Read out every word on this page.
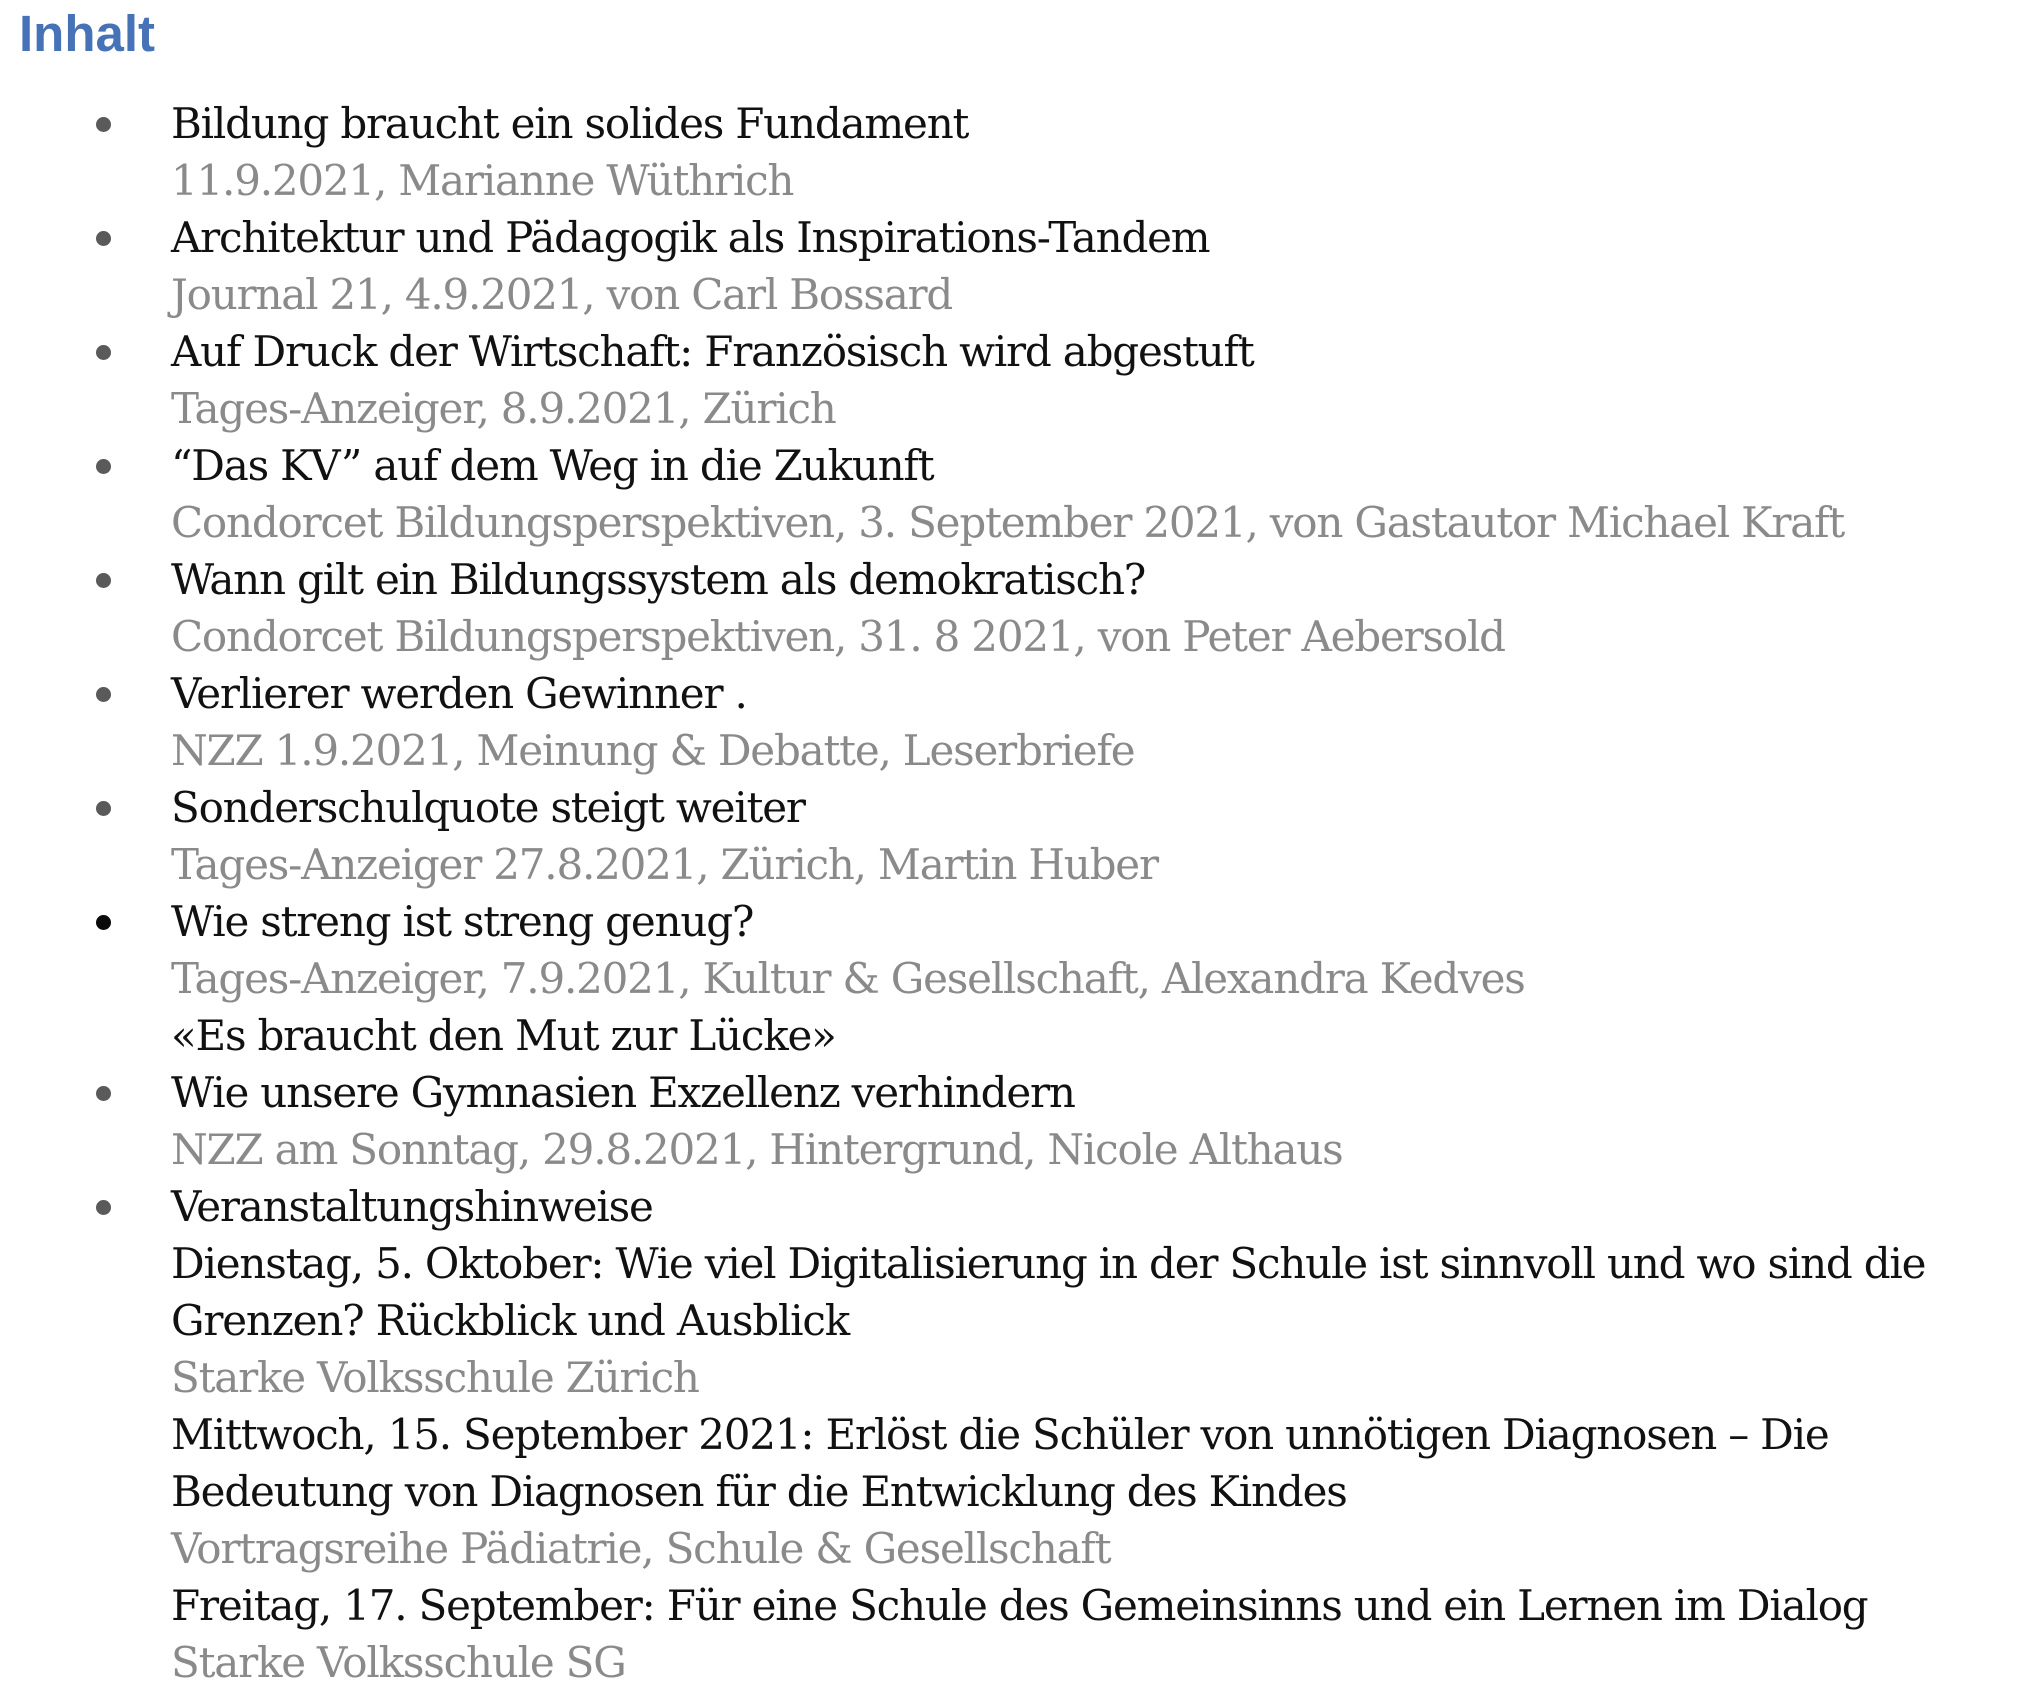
Inhalt
Bildung braucht ein solides Fundament
11.9.2021, Marianne Wüthrich
Architektur und Pädagogik als Inspirations-Tandem
Journal 21, 4.9.2021, von Carl Bossard
Auf Druck der Wirtschaft: Französisch wird abgestuft
Tages-Anzeiger, 8.9.2021, Zürich
“Das KV” auf dem Weg in die Zukunft
Condorcet Bildungsperspektiven, 3. September 2021, von Gastautor Michael Kraft
Wann gilt ein Bildungssystem als demokratisch?
Condorcet Bildungsperspektiven, 31. 8 2021, von Peter Aebersold
Verlierer werden Gewinner .
NZZ 1.9.2021, Meinung & Debatte, Leserbriefe
Sonderschulquote steigt weiter
Tages-Anzeiger 27.8.2021, Zürich, Martin Huber
Wie streng ist streng genug?
Tages-Anzeiger, 7.9.2021, Kultur & Gesellschaft, Alexandra Kedves
«Es braucht den Mut zur Lücke»
Wie unsere Gymnasien Exzellenz verhindern
NZZ am Sonntag, 29.8.2021, Hintergrund, Nicole Althaus
Veranstaltungshinweise
Dienstag, 5. Oktober: Wie viel Digitalisierung in der Schule ist sinnvoll und wo sind die Grenzen? Rückblick und Ausblick
Starke Volksschule Zürich
Mittwoch, 15. September 2021: Erlöst die Schüler von unnötigen Diagnosen – Die Bedeutung von Diagnosen für die Entwicklung des Kindes
Vortragsreihe Pädiatrie, Schule & Gesellschaft
Freitag, 17. September: Für eine Schule des Gemeinsinns und ein Lernen im Dialog
Starke Volksschule SG
